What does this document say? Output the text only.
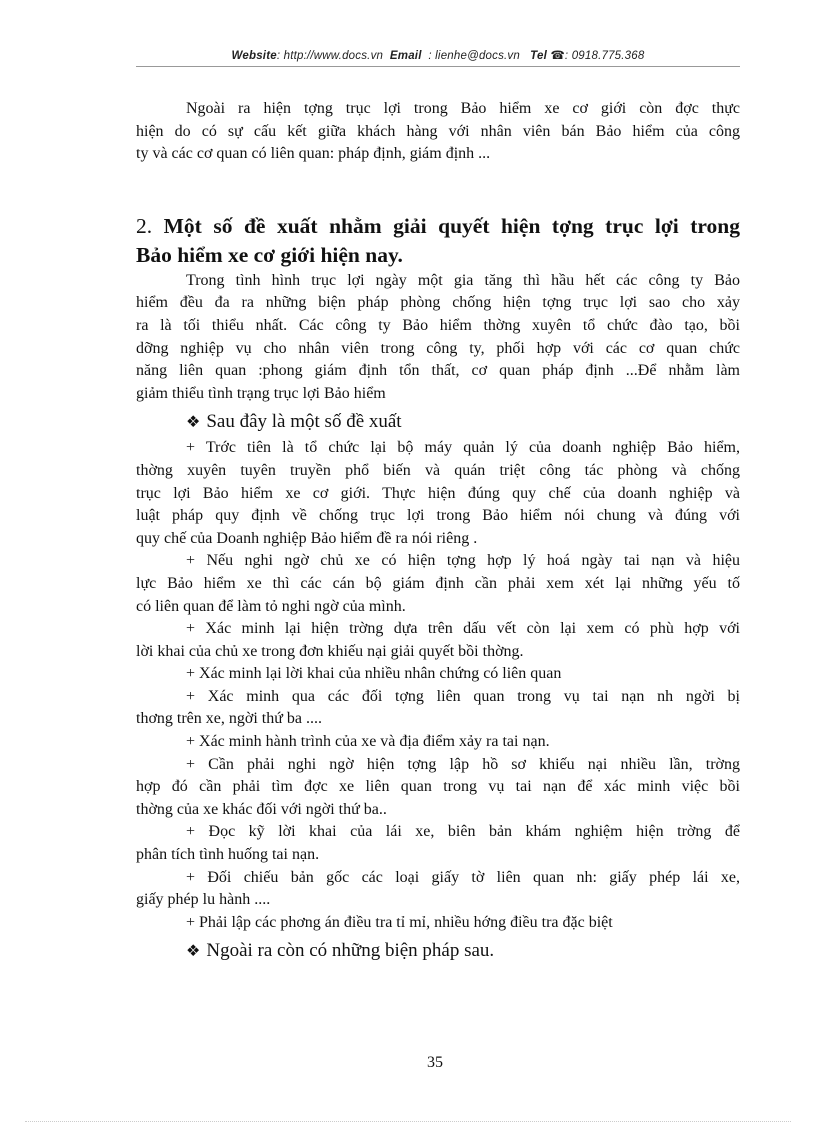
Website: http://www.docs.vn Email : lienhe@docs.vn Tel ☎: 0918.775.368
Ngoài ra hiện tợng trục lợi trong Bảo hiểm xe cơ giới còn đợc thực
hiện do có sự cấu kết giữa khách hàng với nhân viên bán Bảo hiểm của công
ty và các cơ quan có liên quan: pháp định, giám định ...
2. Một số đề xuất nhằm giải quyết hiện tợng trục lợi trong
Bảo hiểm xe cơ giới hiện nay.
Trong tình hình trục lợi ngày một gia tăng thì hầu hết các công ty Bảo
hiểm đều đa ra những biện pháp phòng chống hiện tợng trục lợi sao cho xảy
ra là tối thiểu nhất. Các công ty Bảo hiểm thờng xuyên tổ chức đào tạo, bồi
dỡng nghiệp vụ cho nhân viên trong công ty, phối hợp với các cơ quan chức
năng liên quan :phong giám định tổn thất, cơ quan pháp định ...Để nhằm làm
giảm thiểu tình trạng trục lợi Bảo hiểm
❖ Sau đây là một số đề xuất
+ Trớc tiên là tổ chức lại bộ máy quản lý của doanh nghiệp Bảo hiểm,
thờng xuyên tuyên truyền phổ biến và quán triệt công tác phòng và chống
trục lợi Bảo hiểm xe cơ giới. Thực hiện đúng quy chế của doanh nghiệp và
luật pháp quy định về chống trục lợi trong Bảo hiểm nói chung và đúng với
quy chế của Doanh nghiệp Bảo hiểm đề ra nói riêng .
+ Nếu nghi ngờ chủ xe có hiện tợng hợp lý hoá ngày tai nạn và hiệu
lực Bảo hiểm xe thì các cán bộ giám định cần phải xem xét lại những yếu tố
có liên quan để làm tỏ nghi ngờ của mình.
+ Xác minh lại hiện trờng dựa trên dấu vết còn lại xem có phù hợp với
lời khai của chủ xe trong đơn khiếu nại giải quyết bồi thờng.
+ Xác minh lại lời khai của nhiều nhân chứng có liên quan
+ Xác minh qua các đối tợng liên quan trong vụ tai nạn nh ngời bị
thơng trên xe, ngời thứ ba ....
+ Xác minh hành trình của xe và địa điểm xảy ra tai nạn.
+ Cần phải nghi ngờ hiện tợng lập hồ sơ khiếu nại nhiều lần, trờng
hợp đó cần phải tìm đợc xe liên quan trong vụ tai nạn để xác minh việc bồi
thờng của xe khác đối với ngời thứ ba..
+ Đọc kỹ lời khai của lái xe, biên bản khám nghiệm hiện trờng để
phân tích tình huống tai nạn.
+ Đối chiếu bản gốc các loại giấy tờ liên quan nh: giấy phép lái xe,
giấy phép lu hành ....
+ Phải lập các phơng án điều tra tỉ mỉ, nhiều hớng điều tra đặc biệt
❖ Ngoài ra còn có những biện pháp sau.
35
